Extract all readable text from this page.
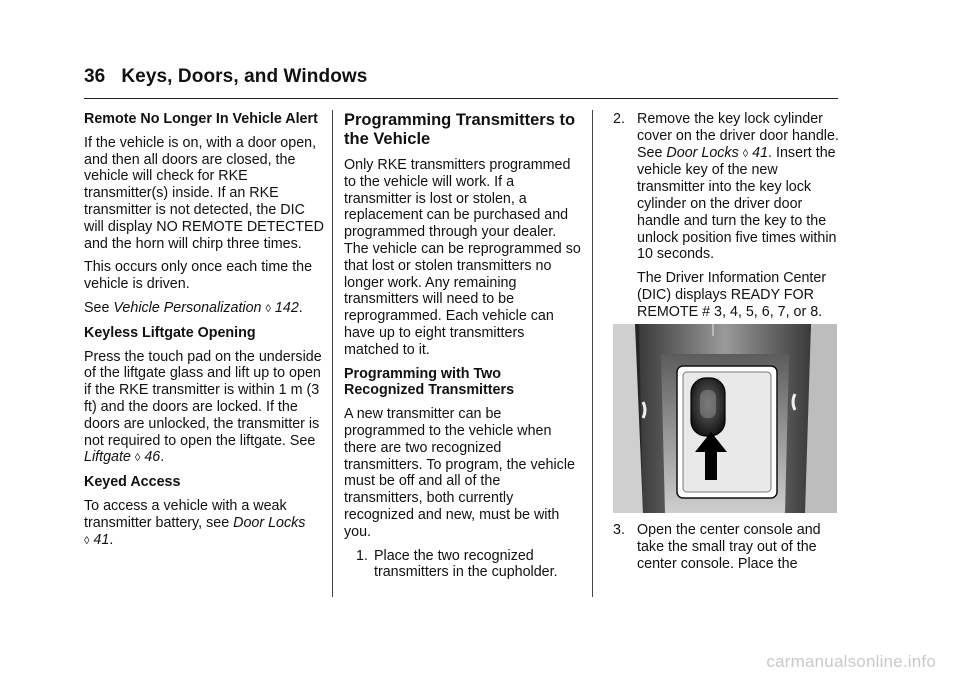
36 Keys, Doors, and Windows
Remote No Longer In Vehicle Alert

If the vehicle is on, with a door open, and then all doors are closed, the vehicle will check for RKE transmitter(s) inside. If an RKE transmitter is not detected, the DIC will display NO REMOTE DETECTED and the horn will chirp three times.

This occurs only once each time the vehicle is driven.

See Vehicle Personalization ◊ 142.

Keyless Liftgate Opening

Press the touch pad on the underside of the liftgate glass and lift up to open if the RKE transmitter is within 1 m (3 ft) and the doors are locked. If the doors are unlocked, the transmitter is not required to open the liftgate. See Liftgate ◊ 46.

Keyed Access

To access a vehicle with a weak transmitter battery, see Door Locks
◊ 41.

Programming Transmitters to the Vehicle

Only RKE transmitters programmed to the vehicle will work. If a transmitter is lost or stolen, a replacement can be purchased and programmed through your dealer. The vehicle can be reprogrammed so that lost or stolen transmitters no longer work. Any remaining transmitters will need to be reprogrammed. Each vehicle can have up to eight transmitters matched to it.

Programming with Two Recognized Transmitters

A new transmitter can be programmed to the vehicle when there are two recognized transmitters. To program, the vehicle must be off and all of the transmitters, both currently recognized and new, must be with you.

1. Place the two recognized transmitters in the cupholder.
2. Remove the key lock cylinder cover on the driver door handle. See Door Locks ◊ 41. Insert the vehicle key of the new transmitter into the key lock cylinder on the driver door handle and turn the key to the unlock position five times within 10 seconds.

The Driver Information Center (DIC) displays READY FOR REMOTE # 3, 4, 5, 6, 7, or 8.

3. Open the center console and take the small tray out of the center console. Place the
carmanualsonline.info
